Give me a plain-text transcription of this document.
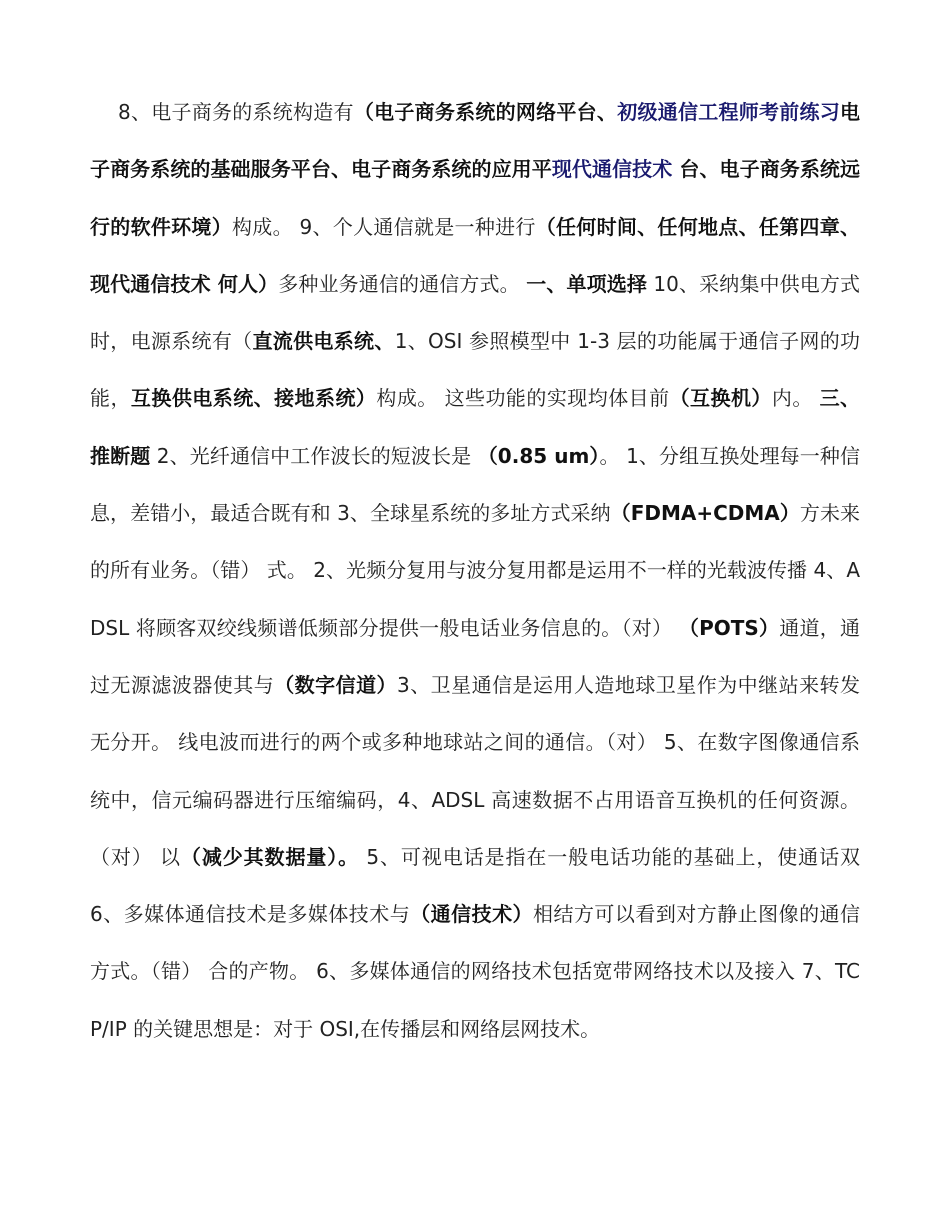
8、电子商务的系统构造有（电子商务系统的网络平台、初级通信工程师考前练习电子商务系统的基础服务平台、电子商务系统的应用平现代通信技术 台、电子商务系统远行的软件环境）构成。 9、个人通信就是一种进行（任何时间、任何地点、任第四章、现代通信技术 何人）多种业务通信的通信方式。 一、单项选择 10、采纳集中供电方式时，电源系统有（直流供电系统、1、OSI 参照模型中 1-3 层的功能属于通信子网的功能，互换供电系统、接地系统）构成。 这些功能的实现均体目前（互换机）内。 三、推断题 2、光纤通信中工作波长的短波长是 （0.85 um）。 1、分组互换处理每一种信息，差错小，最适合既有和 3、全球星系统的多址方式采纳（FDMA+CDMA）方未来的所有业务。（错） 式。 2、光频分复用与波分复用都是运用不一样的光载波传播 4、ADSL 将顾客双绞线频谱低频部分提供一般电话业务信息的。（对） （POTS）通道，通过无源滤波器使其与（数字信道）3、卫星通信是运用人造地球卫星作为中继站来转发无分开。 线电波而进行的两个或多种地球站之间的通信。（对） 5、在数字图像通信系统中，信元编码器进行压缩编码，4、ADSL 高速数据不占用语音互换机的任何资源。 （对） 以（减少其数据量）。 5、可视电话是指在一般电话功能的基础上，使通话双 6、多媒体通信技术是多媒体技术与（通信技术）相结方可以看到对方静止图像的通信方式。（错） 合的产物。 6、多媒体通信的网络技术包括宽带网络技术以及接入 7、TCP/IP 的关键思想是：对于 OSI,在传播层和网络层网技术。
